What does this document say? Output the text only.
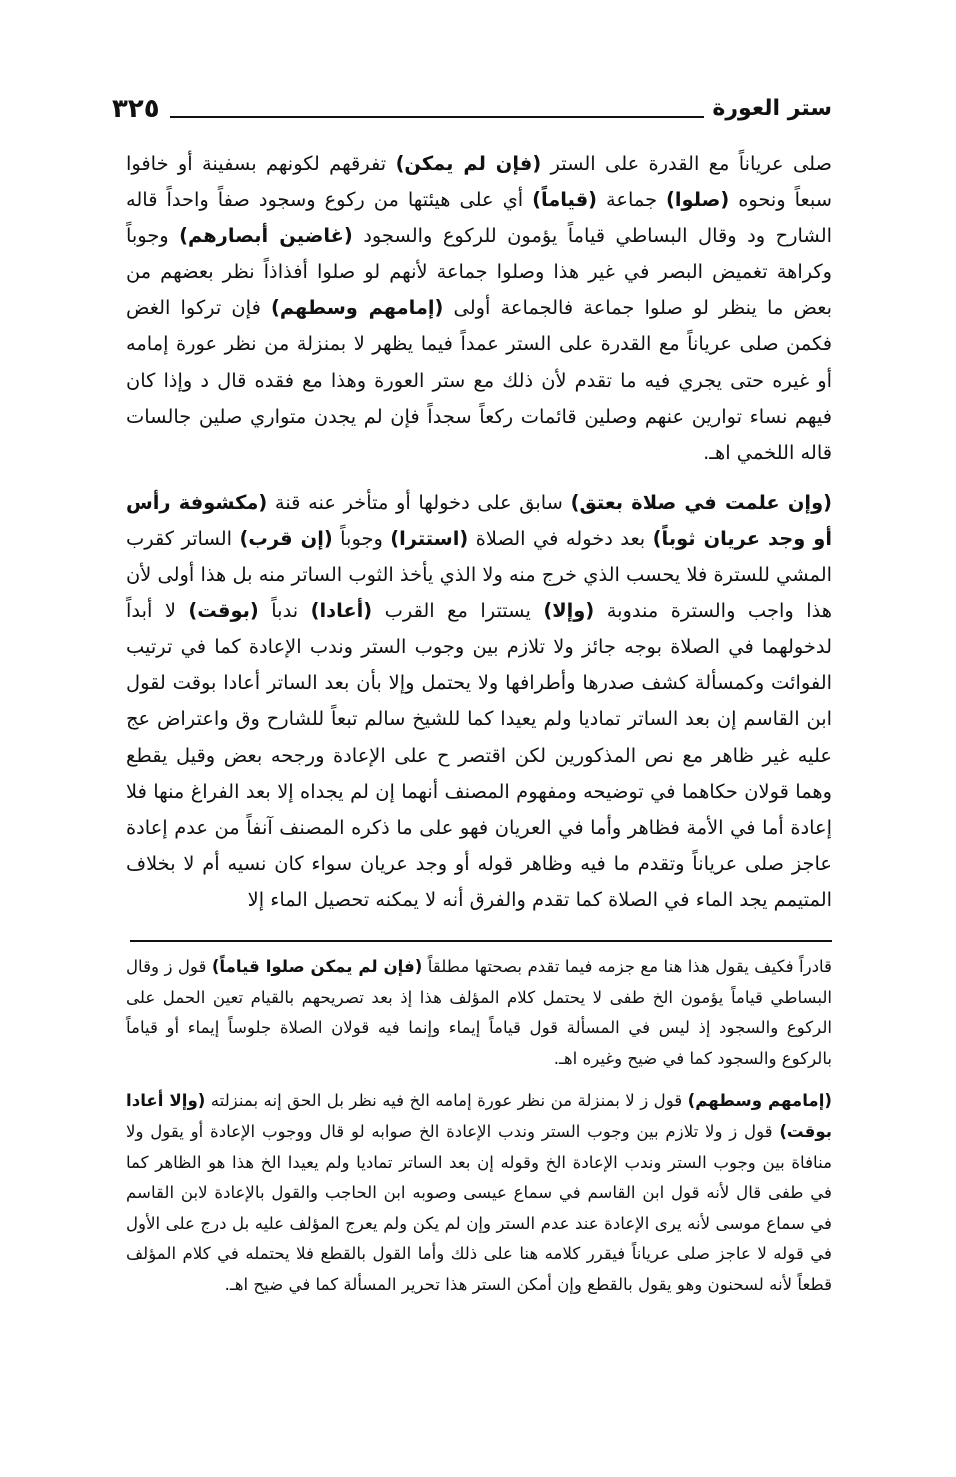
ستر العورة
٣٢٥

صلى عرياناً مع القدرة على الستر (فإن لم يمكن) تفرقهم لكونهم بسفينة أو خافوا سبعاً ونحوه (صلوا) جماعة (قياماً) أي على هيئتها من ركوع وسجود صفاً واحداً قاله الشارح ود وقال البساطي قياماً يؤمون للركوع والسجود (غاضين أبصارهم) وجوباً وكراهة تغميض البصر في غير هذا وصلوا جماعة لأنهم لو صلوا أفذاذاً نظر بعضهم من بعض ما ينظر لو صلوا جماعة فالجماعة أولى (إمامهم وسطهم) فإن تركوا الغض فكمن صلى عرياناً مع القدرة على الستر عمداً فيما يظهر لا بمنزلة من نظر عورة إمامه أو غيره حتى يجري فيه ما تقدم لأن ذلك مع ستر العورة وهذا مع فقده قال د وإذا كان فيهم نساء توارين عنهم وصلين قائمات ركعاً سجداً فإن لم يجدن متواري صلين جالسات قاله اللخمي اهـ.

(وإن علمت في صلاة بعتق) سابق على دخولها أو متأخر عنه قنة (مكشوفة رأس أو وجد عريان ثوباً) بعد دخوله في الصلاة (استترا) وجوباً (إن قرب) الساتر كقرب المشي للسترة فلا يحسب الذي خرج منه ولا الذي يأخذ الثوب الساتر منه بل هذا أولى لأن هذا واجب والسترة مندوبة (وإلا) يستترا مع القرب (أعادا) ندباً (بوقت) لا أبداً لدخولهما في الصلاة بوجه جائز ولا تلازم بين وجوب الستر وندب الإعادة كما في ترتيب الفوائت وكمسألة كشف صدرها وأطرافها ولا يحتمل وإلا بأن بعد الساتر أعادا بوقت لقول ابن القاسم إن بعد الساتر تماديا ولم يعيدا كما للشيخ سالم تبعاً للشارح وق واعتراض عج عليه غير ظاهر مع نص المذكورين لكن اقتصر ح على الإعادة ورجحه بعض وقيل يقطع وهما قولان حكاهما في توضيحه ومفهوم المصنف أنهما إن لم يجداه إلا بعد الفراغ منها فلا إعادة أما في الأمة فظاهر وأما في العريان فهو على ما ذكره المصنف آنفاً من عدم إعادة عاجز صلى عرياناً وتقدم ما فيه وظاهر قوله أو وجد عريان سواء كان نسيه أم لا بخلاف المتيمم يجد الماء في الصلاة كما تقدم والفرق أنه لا يمكنه تحصيل الماء إلا

قادراً فكيف يقول هذا هنا مع جزمه فيما تقدم بصحتها مطلقاً (فإن لم يمكن صلوا قياماً) قول ز وقال البساطي قياماً يؤمون الخ طفى لا يحتمل كلام المؤلف هذا إذ بعد تصريحهم بالقيام تعين الحمل على الركوع والسجود إذ ليس في المسألة قول قياماً إيماء وإنما فيه قولان الصلاة جلوساً إيماء أو قياماً بالركوع والسجود كما في ضيح وغيره اهـ.

(إمامهم وسطهم) قول ز لا بمنزلة من نظر عورة إمامه الخ فيه نظر بل الحق إنه بمنزلته (وإلا أعادا بوقت) قول ز ولا تلازم بين وجوب الستر وندب الإعادة الخ صوابه لو قال ووجوب الإعادة أو يقول ولا منافاة بين وجوب الستر وندب الإعادة الخ وقوله إن بعد الساتر تماديا ولم يعيدا الخ هذا هو الظاهر كما في طفى قال لأنه قول ابن القاسم في سماع عيسى وصوبه ابن الحاجب والقول بالإعادة لابن القاسم في سماع موسى لأنه يرى الإعادة عند عدم الستر وإن لم يكن ولم يعرج المؤلف عليه بل درج على الأول في قوله لا عاجز صلى عرياناً فيقرر كلامه هنا على ذلك وأما القول بالقطع فلا يحتمله في كلام المؤلف قطعاً لأنه لسحنون وهو يقول بالقطع وإن أمكن الستر هذا تحرير المسألة كما في ضيح اهـ.
